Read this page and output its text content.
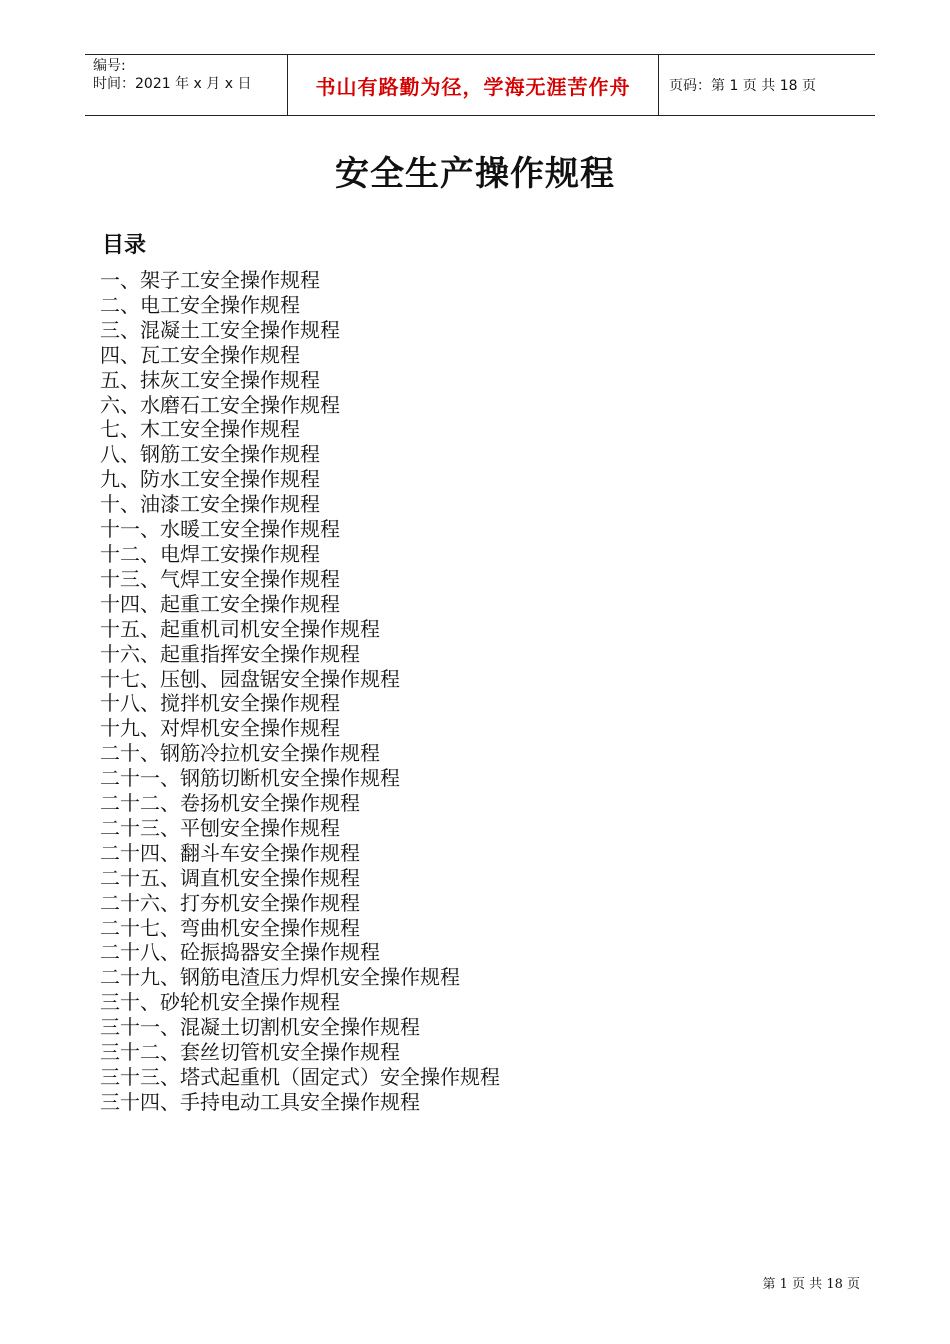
编号:
时间：2021 年 x 月 x 日	书山有路勤为径，学海无涯苦作舟	页码：第 1 页 共 18 页
安全生产操作规程
目录
一、架子工安全操作规程
二、电工安全操作规程
三、混凝土工安全操作规程
四、瓦工安全操作规程
五、抹灰工安全操作规程
六、水磨石工安全操作规程
七、木工安全操作规程
八、钢筋工安全操作规程
九、防水工安全操作规程
十、油漆工安全操作规程
十一、水暖工安全操作规程
十二、电焊工安操作规程
十三、气焊工安全操作规程
十四、起重工安全操作规程
十五、起重机司机安全操作规程
十六、起重指挥安全操作规程
十七、压刨、园盘锯安全操作规程
十八、搅拌机安全操作规程
十九、对焊机安全操作规程
二十、钢筋冷拉机安全操作规程
二十一、钢筋切断机安全操作规程
二十二、卷扬机安全操作规程
二十三、平刨安全操作规程
二十四、翻斗车安全操作规程
二十五、调直机安全操作规程
二十六、打夯机安全操作规程
二十七、弯曲机安全操作规程
二十八、砼振捣器安全操作规程
二十九、钢筋电渣压力焊机安全操作规程
三十、砂轮机安全操作规程
三十一、混凝土切割机安全操作规程
三十二、套丝切管机安全操作规程
三十三、塔式起重机（固定式）安全操作规程
三十四、手持电动工具安全操作规程
第 1 页 共 18 页
